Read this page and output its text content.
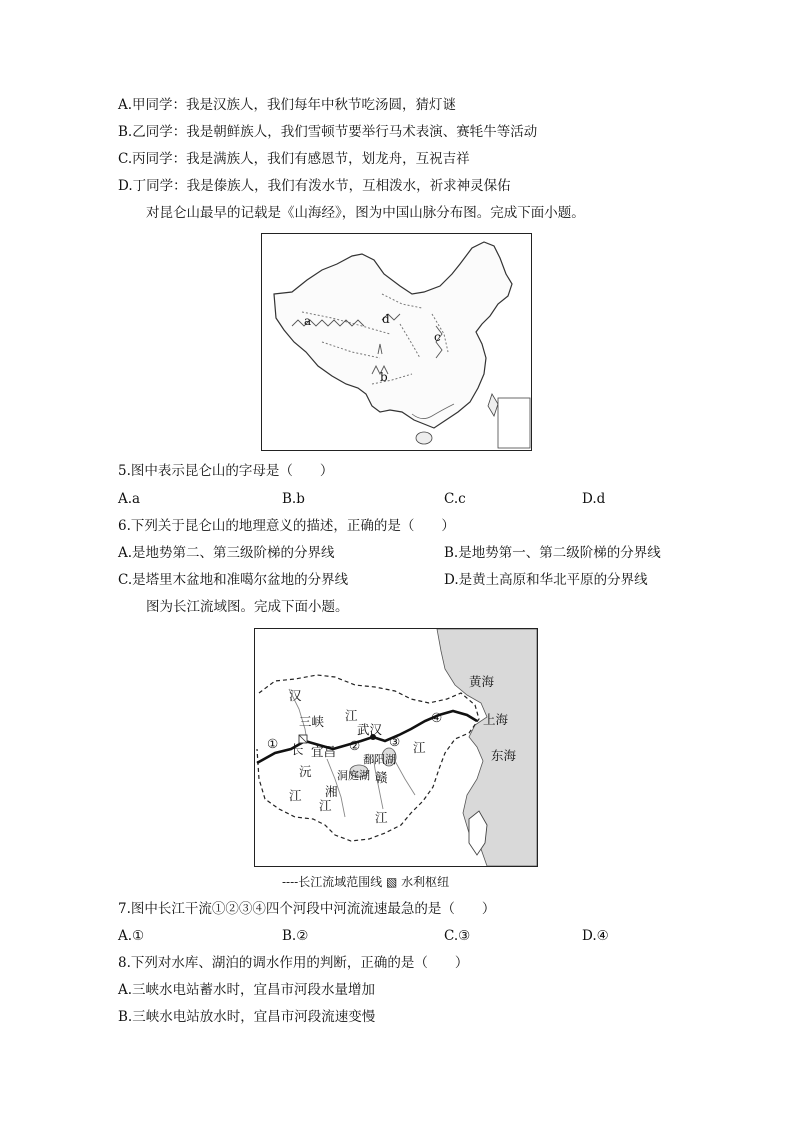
A.甲同学：我是汉族人，我们每年中秋节吃汤圆，猜灯谜
B.乙同学：我是朝鲜族人，我们雪顿节要举行马术表演、赛牦牛等活动
C.丙同学：我是满族人，我们有感恩节，划龙舟，互祝吉祥
D.丁同学：我是傣族人，我们有泼水节，互相泼水，祈求神灵保佑
对昆仑山最早的记载是《山海经》，图为中国山脉分布图。完成下面小题。
a
b
c
d
5.图中表示昆仑山的字母是（　　）
A.a	B.b	C.c	D.d
6.下列关于昆仑山的地理意义的描述，正确的是（　　）
A.是地势第二、第三级阶梯的分界线	B.是地势第一、第二级阶梯的分界线
C.是塔里木盆地和准噶尔盆地的分界线	D.是黄土高原和华北平原的分界线
图为长江流域图。完成下面小题。
汉
三峡 江
武汉
① 长 宜昌 ② ③
④
鄱阳湖
江
沅 洞庭湖 赣
湘
江
江
江
黄海
上海
东海
----长江流域范围线 ▧ 水利枢纽
7.图中长江干流①②③④四个河段中河流流速最急的是（　　）
A.①	B.②	C.③	D.④
8.下列对水库、湖泊的调水作用的判断，正确的是（　　）
A.三峡水电站蓄水时，宜昌市河段水量增加
B.三峡水电站放水时，宜昌市河段流速变慢
